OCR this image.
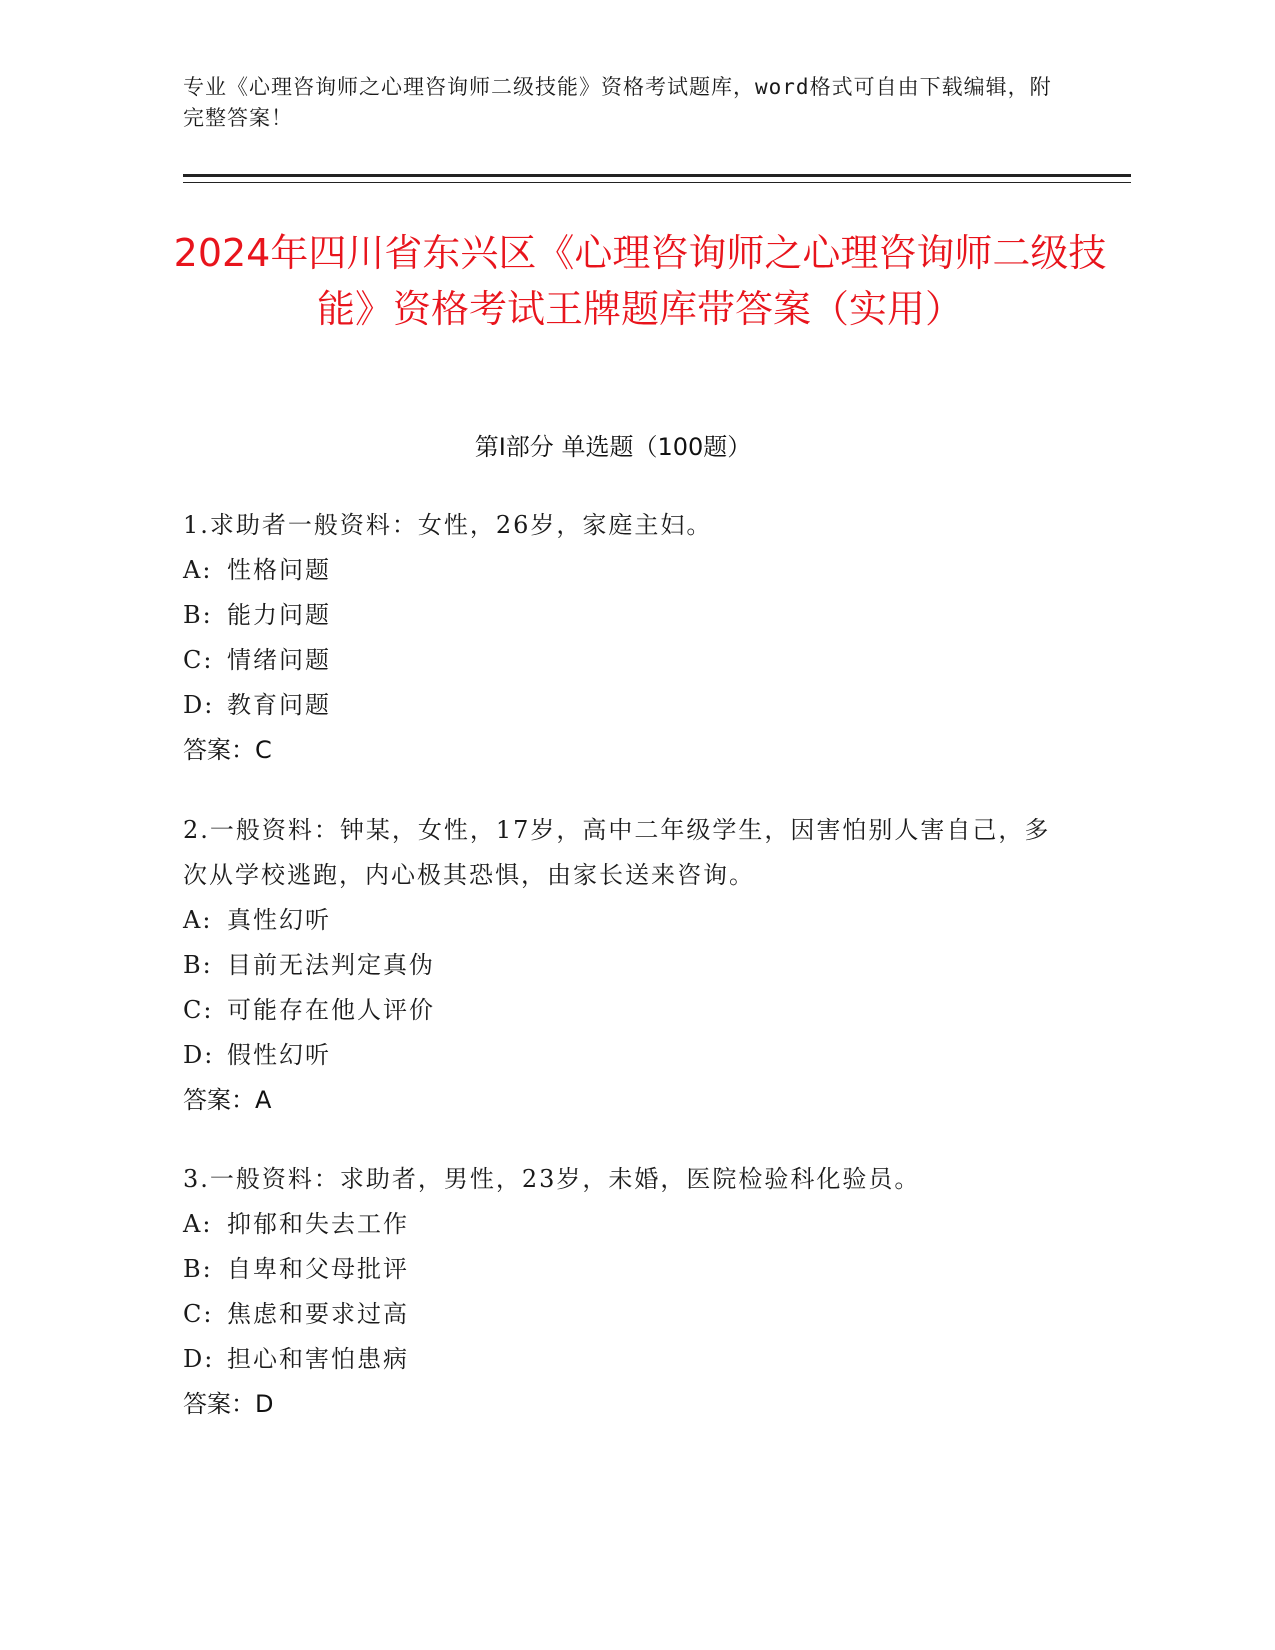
专业《心理咨询师之心理咨询师二级技能》资格考试题库，word格式可自由下载编辑，附完整答案！
2024年四川省东兴区《心理咨询师之心理咨询师二级技能》资格考试王牌题库带答案（实用）
第I部分 单选题（100题）
1.求助者一般资料：女性，26岁，家庭主妇。
A: 性格问题
B: 能力问题
C: 情绪问题
D: 教育问题
答案：C
2.一般资料：钟某，女性，17岁，高中二年级学生，因害怕别人害自己，多次从学校逃跑，内心极其恐惧，由家长送来咨询。
A: 真性幻听
B: 目前无法判定真伪
C: 可能存在他人评价
D: 假性幻听
答案：A
3.一般资料：求助者，男性，23岁，未婚，医院检验科化验员。
A: 抑郁和失去工作
B: 自卑和父母批评
C: 焦虑和要求过高
D: 担心和害怕患病
答案：D
